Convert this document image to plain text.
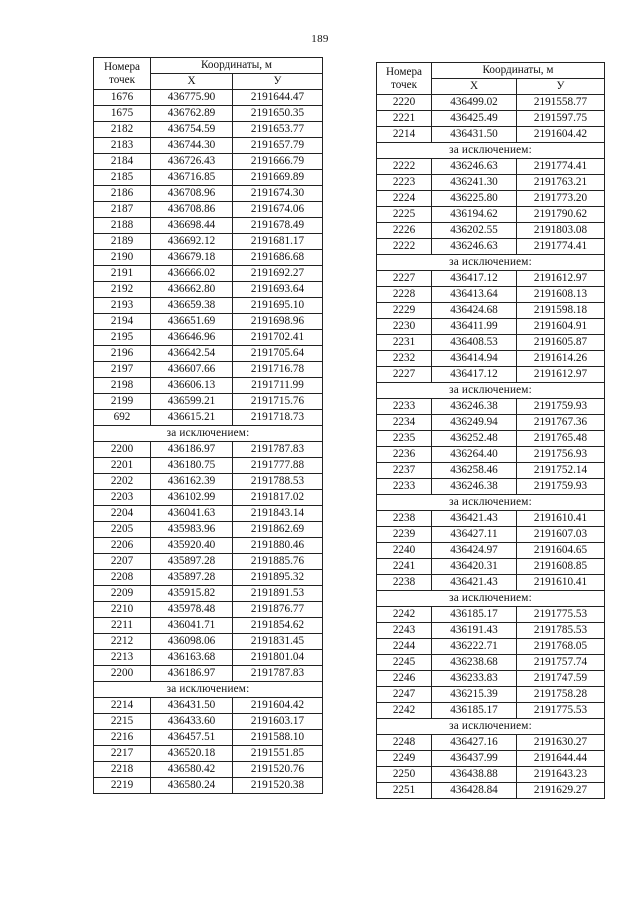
189
Номера
точек	Координаты, м	
	X	У
1676	436775.90	2191644.47
1675	436762.89	2191650.35
2182	436754.59	2191653.77
2183	436744.30	2191657.79
2184	436726.43	2191666.79
2185	436716.85	2191669.89
2186	436708.96	2191674.30
2187	436708.86	2191674.06
2188	436698.44	2191678.49
2189	436692.12	2191681.17
2190	436679.18	2191686.68
2191	436666.02	2191692.27
2192	436662.80	2191693.64
2193	436659.38	2191695.10
2194	436651.69	2191698.96
2195	436646.96	2191702.41
2196	436642.54	2191705.64
2197	436607.66	2191716.78
2198	436606.13	2191711.99
2199	436599.21	2191715.76
692	436615.21	2191718.73
за исключением:		
2200	436186.97	2191787.83
2201	436180.75	2191777.88
2202	436162.39	2191788.53
2203	436102.99	2191817.02
2204	436041.63	2191843.14
2205	435983.96	2191862.69
2206	435920.40	2191880.46
2207	435897.28	2191885.76
2208	435897.28	2191895.32
2209	435915.82	2191891.53
2210	435978.48	2191876.77
2211	436041.71	2191854.62
2212	436098.06	2191831.45
2213	436163.68	2191801.04
2200	436186.97	2191787.83
за исключением:		
2214	436431.50	2191604.42
2215	436433.60	2191603.17
2216	436457.51	2191588.10
2217	436520.18	2191551.85
2218	436580.42	2191520.76
2219	436580.24	2191520.38
Номера
точек	Координаты, м	
	X	У
2220	436499.02	2191558.77
2221	436425.49	2191597.75
2214	436431.50	2191604.42
за исключением:		
2222	436246.63	2191774.41
2223	436241.30	2191763.21
2224	436225.80	2191773.20
2225	436194.62	2191790.62
2226	436202.55	2191803.08
2222	436246.63	2191774.41
за исключением:		
2227	436417.12	2191612.97
2228	436413.64	2191608.13
2229	436424.68	2191598.18
2230	436411.99	2191604.91
2231	436408.53	2191605.87
2232	436414.94	2191614.26
2227	436417.12	2191612.97
за исключением:		
2233	436246.38	2191759.93
2234	436249.94	2191767.36
2235	436252.48	2191765.48
2236	436264.40	2191756.93
2237	436258.46	2191752.14
2233	436246.38	2191759.93
за исключением:		
2238	436421.43	2191610.41
2239	436427.11	2191607.03
2240	436424.97	2191604.65
2241	436420.31	2191608.85
2238	436421.43	2191610.41
за исключением:		
2242	436185.17	2191775.53
2243	436191.43	2191785.53
2244	436222.71	2191768.05
2245	436238.68	2191757.74
2246	436233.83	2191747.59
2247	436215.39	2191758.28
2242	436185.17	2191775.53
за исключением:		
2248	436427.16	2191630.27
2249	436437.99	2191644.44
2250	436438.88	2191643.23
2251	436428.84	2191629.27
